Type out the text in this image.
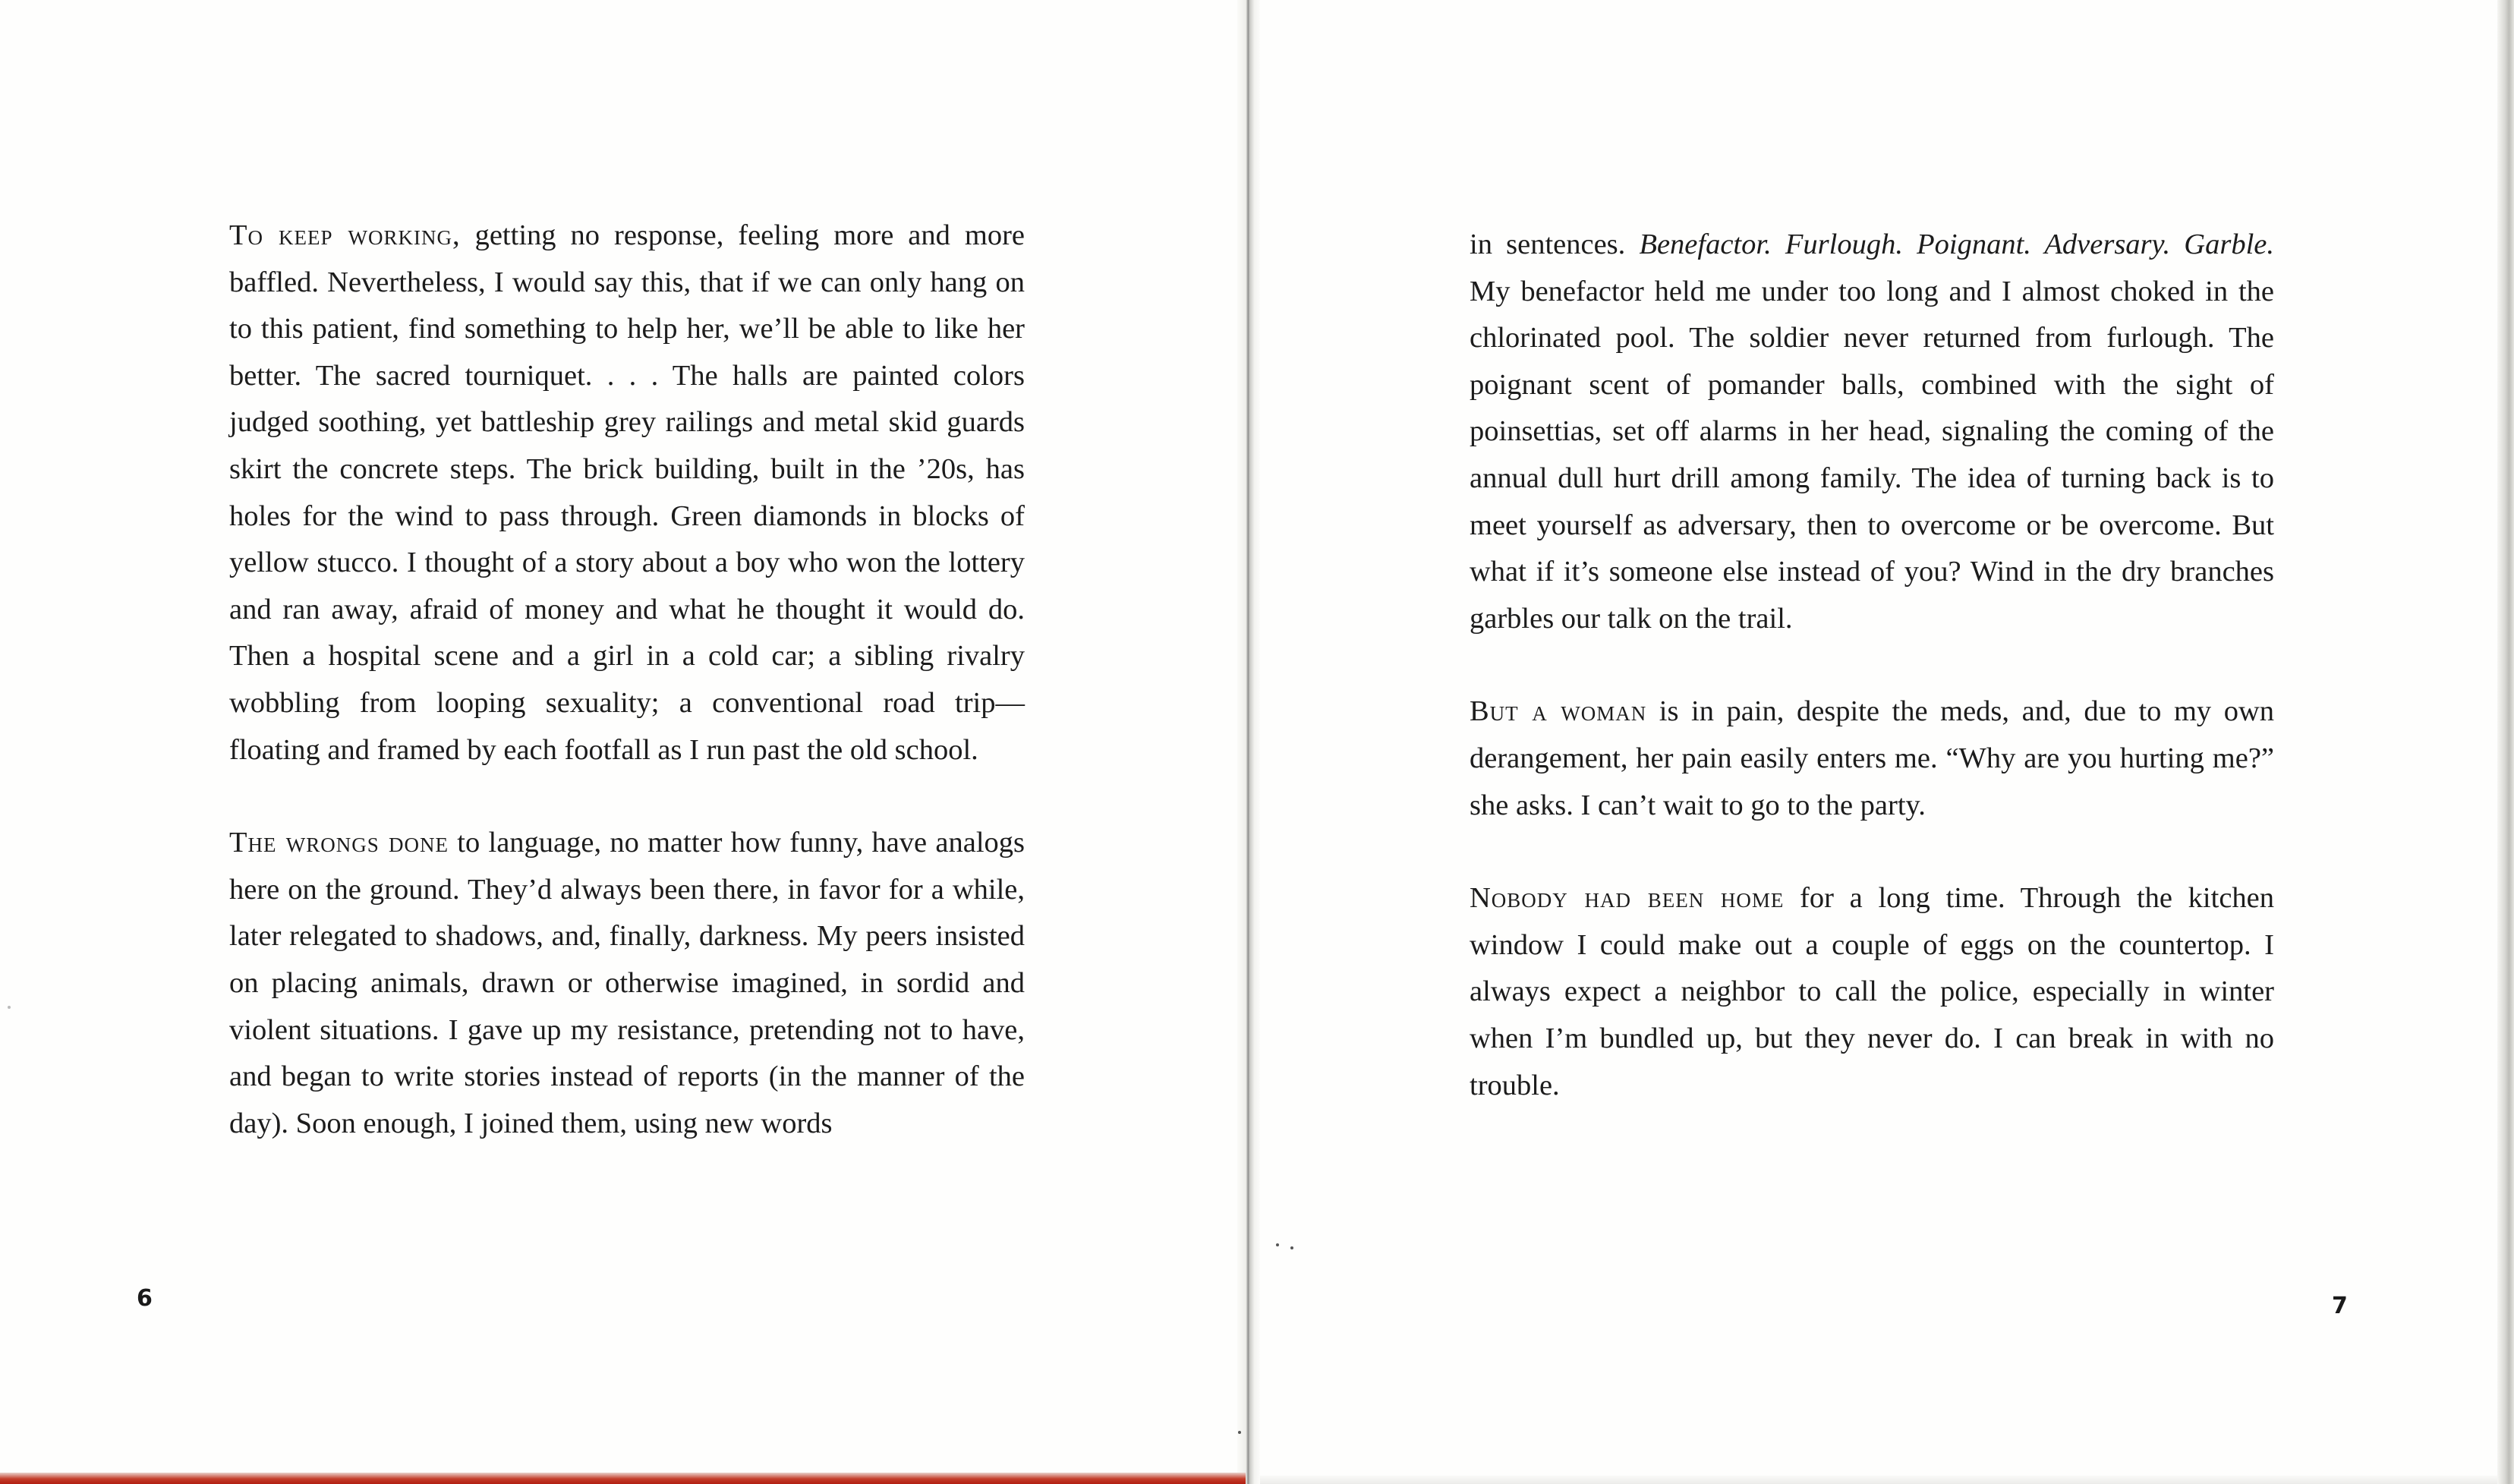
To keep working, getting no response, feeling more and more baffled. Nevertheless, I would say this, that if we can only hang on to this patient, find something to help her, we’ll be able to like her better. The sacred tourniquet. . . . The halls are painted colors judged soothing, yet battleship grey railings and metal skid guards skirt the concrete steps. The brick building, built in the ’20s, has holes for the wind to pass through. Green diamonds in blocks of yellow stucco. I thought of a story about a boy who won the lottery and ran away, afraid of money and what he thought it would do. Then a hospital scene and a girl in a cold car; a sibling rivalry wobbling from looping sexuality; a conventional road trip—floating and framed by each footfall as I run past the old school.

The wrongs done to language, no matter how funny, have analogs here on the ground. They’d always been there, in favor for a while, later relegated to shadows, and, finally, darkness. My peers insisted on placing animals, drawn or otherwise imagined, in sordid and violent situations. I gave up my resistance, pretending not to have, and began to write stories instead of reports (in the manner of the day). Soon enough, I joined them, using new words

6

in sentences. Benefactor. Furlough. Poignant. Adversary. Garble. My benefactor held me under too long and I almost choked in the chlorinated pool. The soldier never returned from furlough. The poignant scent of pomander balls, combined with the sight of poinsettias, set off alarms in her head, signaling the coming of the annual dull hurt drill among family. The idea of turning back is to meet yourself as adversary, then to overcome or be overcome. But what if it’s someone else instead of you? Wind in the dry branches garbles our talk on the trail.

But a woman is in pain, despite the meds, and, due to my own derangement, her pain easily enters me. “Why are you hurting me?” she asks. I can’t wait to go to the party.

Nobody had been home for a long time. Through the kitchen window I could make out a couple of eggs on the countertop. I always expect a neighbor to call the police, especially in winter when I’m bundled up, but they never do. I can break in with no trouble.

7
